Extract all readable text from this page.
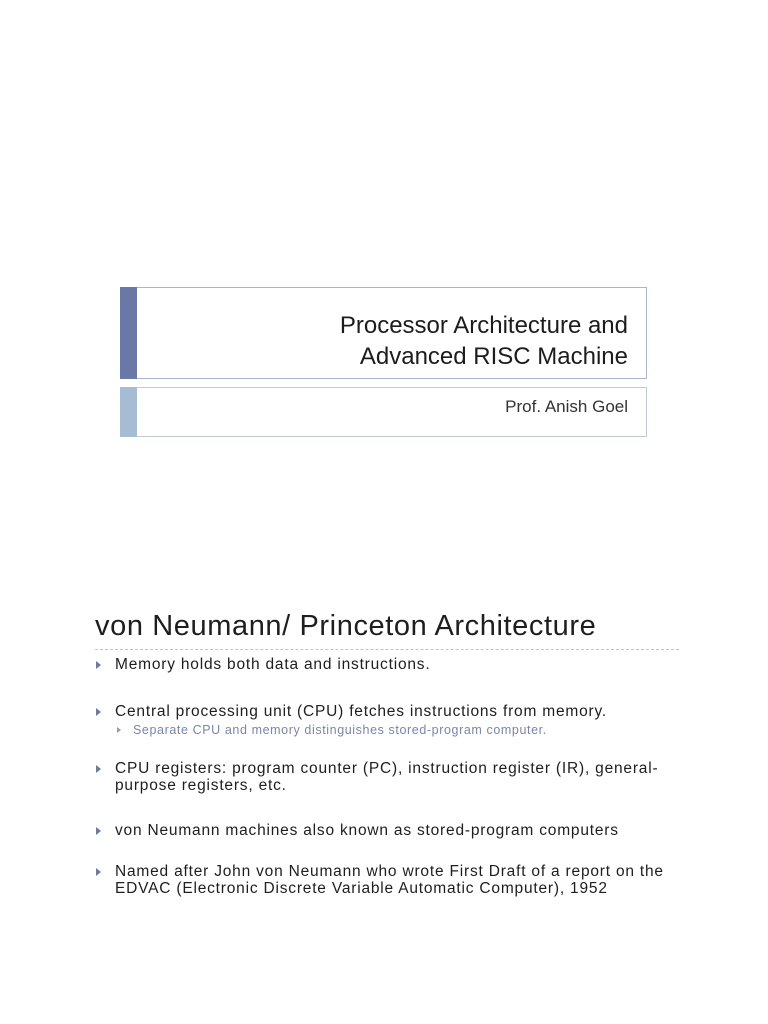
Processor Architecture and
Advanced RISC Machine
Prof. Anish Goel
von Neumann/ Princeton Architecture
Memory holds both data and instructions.
Central processing unit (CPU) fetches instructions from memory.
Separate CPU and memory distinguishes stored-program computer.
CPU registers: program counter (PC), instruction register (IR), general-purpose registers, etc.
von Neumann machines also known as stored-program computers
Named after John von Neumann who wrote First Draft of a report on the EDVAC (Electronic Discrete Variable Automatic Computer), 1952
